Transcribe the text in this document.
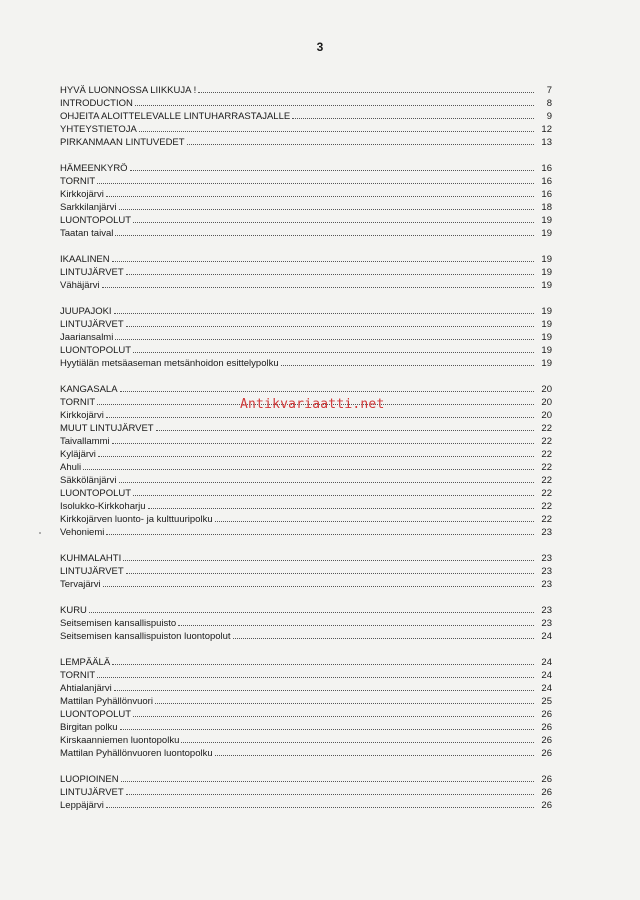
3
HYVÄ LUONNOSSA LIIKKUJA !	7
INTRODUCTION	8
OHJEITA ALOITTELEVALLE LINTUHARRASTAJALLE	9
YHTEYSTIETOJA	12
PIRKANMAAN LINTUVEDET	13
HÄMEENKYRÖ	16
TORNIT	16
Kirkkojärvi	16
Sarkkilanjärvi	18
LUONTOPOLUT	19
Taatan taival	19
IKAALINEN	19
LINTUJÄRVET	19
Vähäjärvi	19
JUUPAJOKI	19
LINTUJÄRVET	19
Jaariansalmi	19
LUONTOPOLUT	19
Hyytiälän metsäaseman metsänhoidon esittelypolku	19
KANGASALA	20
TORNIT	20
Kirkkojärvi	20
MUUT LINTUJÄRVET	22
Taivallammi	22
Kyläjärvi	22
Ahuli	22
Säkkölänjärvi	22
LUONTOPOLUT	22
Isolukko-Kirkkoharju	22
Kirkkojärven luonto- ja kulttuuripolku	22
Vehoniemi	23
KUHMALAHTI	23
LINTUJÄRVET	23
Tervajärvi	23
KURU	23
Seitsemisen kansallispuisto	23
Seitsemisen kansallispuiston luontopolut	24
LEMPÄÄLÄ	24
TORNIT	24
Ahtialanjärvi	24
Mattilan Pyhällönvuori	25
LUONTOPOLUT	26
Birgitan polku	26
Kirskaanniemen luontopolku	26
Mattilan Pyhällönvuoren luontopolku	26
LUOPIOINEN	26
LINTUJÄRVET	26
Leppäjärvi	26
Antikvariaatti.net
